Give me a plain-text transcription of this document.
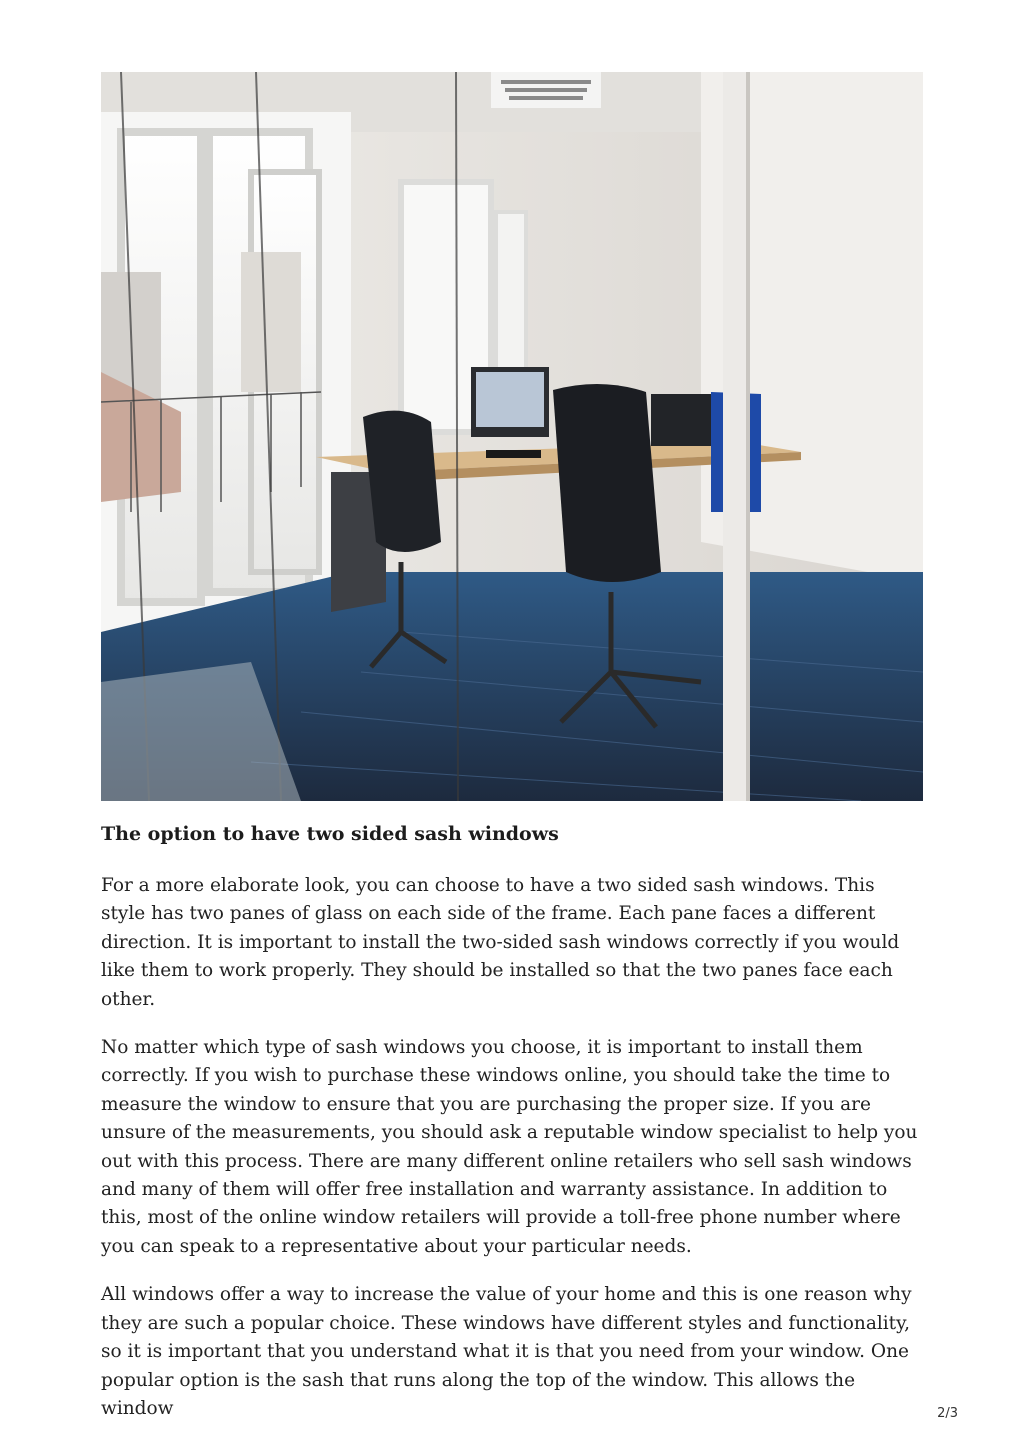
The option to have two sided sash windows

For a more elaborate look, you can choose to have a two sided sash windows. This style has two panes of glass on each side of the frame. Each pane faces a different direction. It is important to install the two-sided sash windows correctly if you would like them to work properly. They should be installed so that the two panes face each other.

No matter which type of sash windows you choose, it is important to install them correctly. If you wish to purchase these windows online, you should take the time to measure the window to ensure that you are purchasing the proper size. If you are unsure of the measurements, you should ask a reputable window specialist to help you out with this process. There are many different online retailers who sell sash windows and many of them will offer free installation and warranty assistance. In addition to this, most of the online window retailers will provide a toll-free phone number where you can speak to a representative about your particular needs.

All windows offer a way to increase the value of your home and this is one reason why they are such a popular choice. These windows have different styles and functionality, so it is important that you understand what it is that you need from your window. One popular option is the sash that runs along the top of the window. This allows the window	2/3
